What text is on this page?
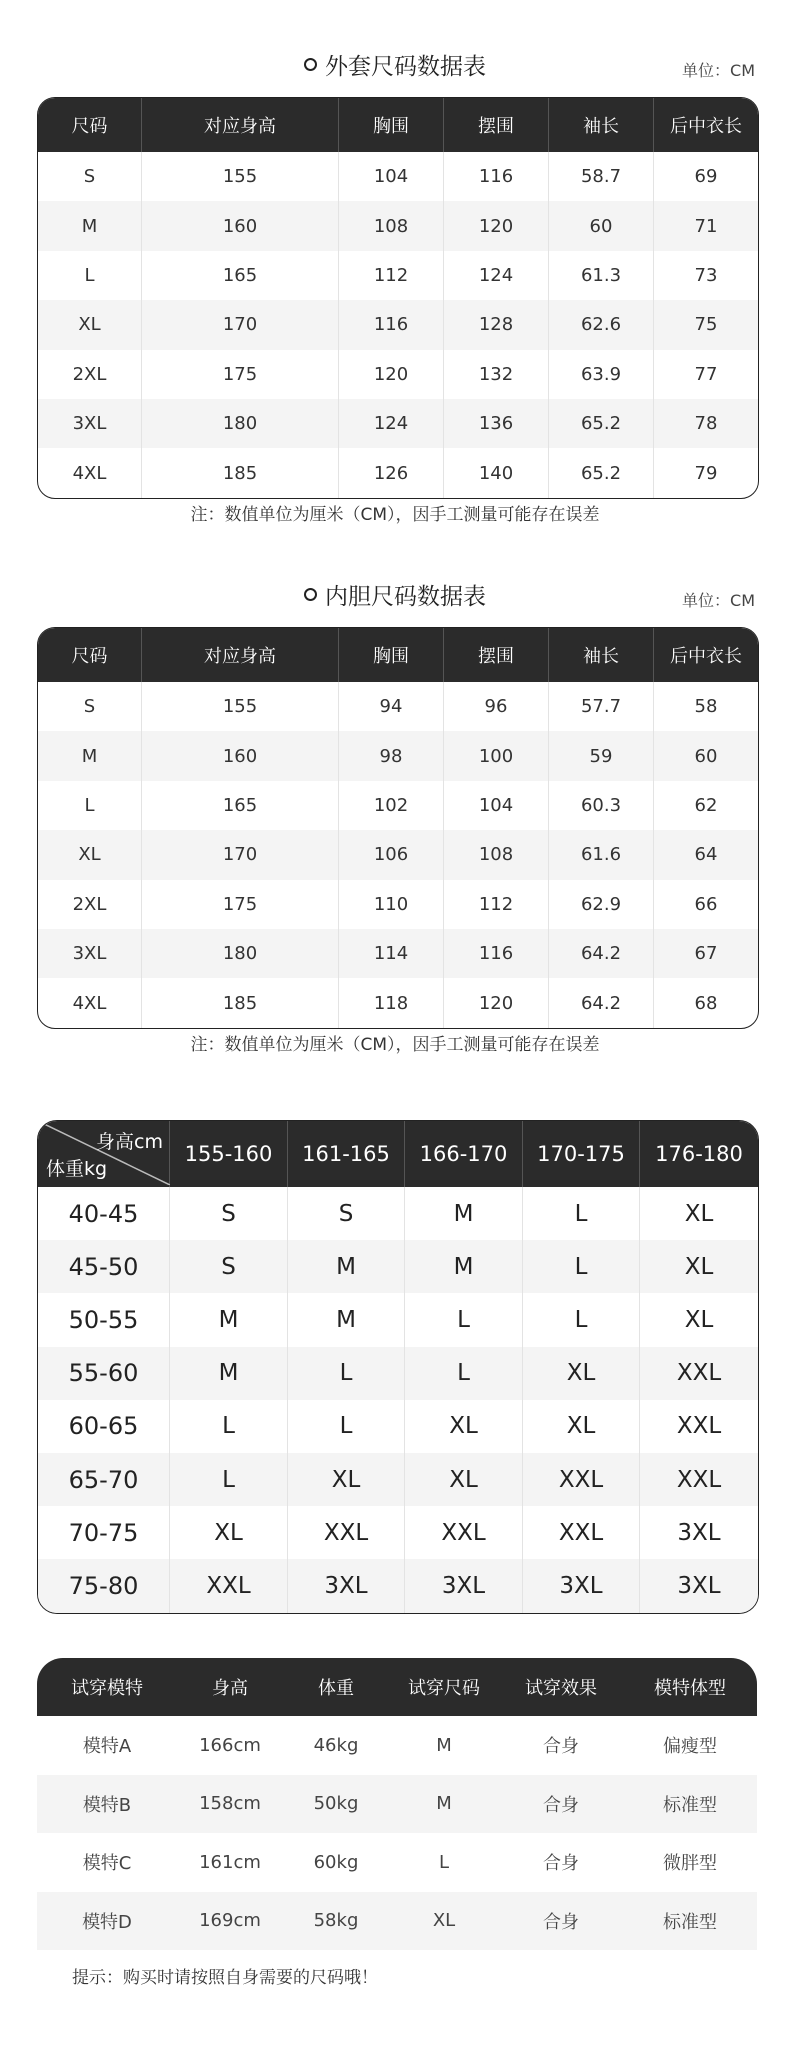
外套尺码数据表	单位：CM
尺码	对应身高	胸围	摆围	袖长	后中衣长
S	155	104	116	58.7	69
M	160	108	120	60	71
L	165	112	124	61.3	73
XL	170	116	128	62.6	75
2XL	175	120	132	63.9	77
3XL	180	124	136	65.2	78
4XL	185	126	140	65.2	79
注：数值单位为厘米（CM），因手工测量可能存在误差
内胆尺码数据表	单位：CM
尺码	对应身高	胸围	摆围	袖长	后中衣长
S	155	94	96	57.7	58
M	160	98	100	59	60
L	165	102	104	60.3	62
XL	170	106	108	61.6	64
2XL	175	110	112	62.9	66
3XL	180	114	116	64.2	67
4XL	185	118	120	64.2	68
注：数值单位为厘米（CM），因手工测量可能存在误差
身高cm
体重kg	155-160	161-165	166-170	170-175	176-180
40-45	S	S	M	L	XL
45-50	S	M	M	L	XL
50-55	M	M	L	L	XL
55-60	M	L	L	XL	XXL
60-65	L	L	XL	XL	XXL
65-70	L	XL	XL	XXL	XXL
70-75	XL	XXL	XXL	XXL	3XL
75-80	XXL	3XL	3XL	3XL	3XL
试穿模特	身高	体重	试穿尺码	试穿效果	模特体型
模特A	166cm	46kg	M	合身	偏瘦型
模特B	158cm	50kg	M	合身	标准型
模特C	161cm	60kg	L	合身	微胖型
模特D	169cm	58kg	XL	合身	标准型
提示：购买时请按照自身需要的尺码哦！
